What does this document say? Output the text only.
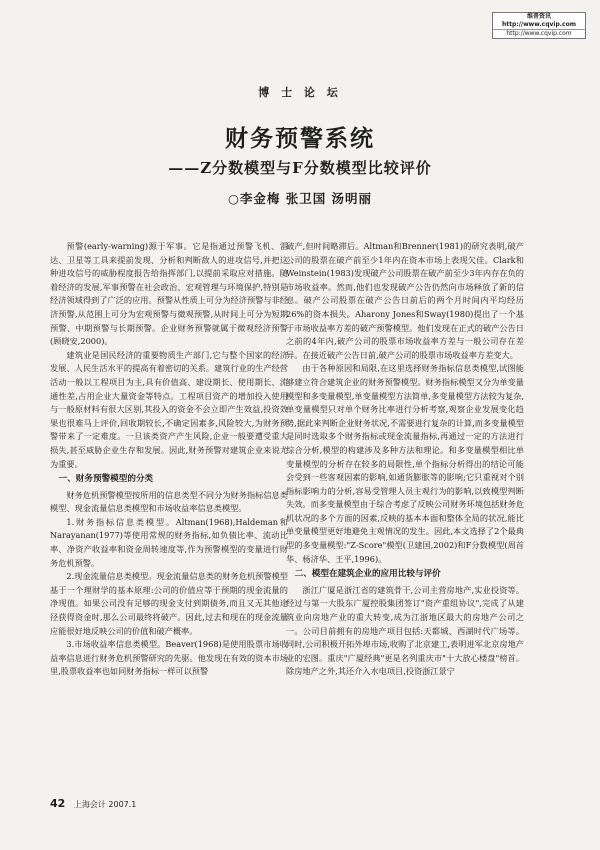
维普资讯 http://www.cqvip.com
http://www.cqvip.com
博 士 论 坛
财务预警系统
——Z分数模型与F分数模型比较评价
○李金梅 张卫国 汤明丽

预警(early-warning)源于军事。它是指通过预警飞机、雷达、卫星等工具来提前发现、分析和判断敌人的进攻信号,并把这种进攻信号的威胁程度报告给指挥部门,以提前采取应对措施。随着经济的发展,军事预警在社会政治、宏观管理与环境保护,特别是经济领域得到了广泛的应用。预警从性质上可分为经济预警与非经济预警,从范围上可分为宏观预警与微观预警,从时间上可分为短期预警、中期预警与长期预警。企业财务预警就属于微观经济预警(顾晓安,2000)。

建筑业是国民经济的重要物质生产部门,它与整个国家的经济发展、人民生活水平的提高有着密切的关系。建筑行业的生产经营活动一般以工程项目为主,具有价值高、建设期长、使用期长、流通性差,占用企业大量资金等特点。工程项目资产的增加投入使用与一般原材料有很大区别,其投入的资金不会立即产生效益,投资效果也很难马上评价,回收期较长,不确定因素多,风险较大,为财务预警带来了一定难度。一旦该类资产产生风险,企业一般要遭受重大损失,甚至威胁企业生存和发展。因此,财务预警对建筑企业来说尤为重要。

一、财务预警模型的分类

财务危机预警模型按所用的信息类型不同分为财务指标信息类模型、现金流量信息类模型和市场收益率信息类模型。

1.财务指标信息类模型。Altman(1968),Haldeman和Narayanan(1977)等使用常规的财务指标,如负债比率、流动比率、净资产收益率和资金周转速度等,作为预警模型的变量进行财务危机预警。

2.现金流量信息类模型。现金流量信息类的财务危机预警模型基于一个理财学的基本原理:公司的价值应等于预期的现金流量的净现值。如果公司没有足够的现金支付到期债务,而且又无其他途径获得资金时,那么公司最终将破产。因此,过去和现在的现金流量应能很好地反映公司的价值和破产概率。

3.市场收益率信息类模型。Beaver(1968)是使用股票市场收益率信息进行财务危机预警研究的先驱。他发现在有效的资本市场里,股票收益率也如同财务指标一样可以预警

破产,但时间略滞后。Altman和Brenner(1981)的研究表明,破产公司的股票在破产前至少1年内在资本市场上表现欠佳。Clark和Weinstein(1983)发现破产公司股票在破产前至少3年内存在负的市场收益率。然而,他们也发现破产公告仍然向市场释放了新的信息。破产公司股票在破产公告日前后的两个月时间内平均经历26%的资本损失。Aharony Jones和Sway(1980)提出了一个基于市场收益率方差的破产预警模型。他们发现在正式的破产公告日之前的4年内,破产公司的股票市场收益率方差与一般公司存在差异。在接近破产公告日前,破产公司的股票市场收益率方差变大。

由于各种原因和局限,在这里选择财务指标信息类模型,试图能够建立符合建筑企业的财务预警模型。财务指标模型又分为单变量模型和多变量模型,单变量模型方法简单,多变量模型方法较为复杂,单变量模型只对单个财务比率进行分析考察,观察企业发展变化趋势,据此来判断企业财务状况,不需要进行复杂的计算,而多变量模型是同时选取多个财务指标或现金流量指标,再通过一定的方法进行综合分析,模型的构建涉及多种方法和理论。和多变量模型相比单变量模型的分析存在较多的局限性,单个指标分析得出的结论可能会受到一些客观因素的影响,如通货膨胀等的影响;它只重视对个别指标影响力的分析,容易受管理人员主观行为的影响,以致模型判断失效。而多变量模型由于综合考虑了反映公司财务环境包括财务危机状况的多个方面的因素,反映的基本本面和整体全局的状况,能比单变量模型更好地避免主观情况的发生。因此,本文选择了2个最典型的多变量模型:"Z-Score"模型(卫建国,2002)和F分数模型(周首华、杨济华、王平,1996)。

二、模型在建筑企业的应用比较与评价

浙江广厦是浙江省的建筑骨干,公司主营房地产,实业投资等。经过与第一大股东广厦控股集团签订"资产重组协议",完成了从建筑业向房地产业的重大转变,成为江浙地区最大的房地产公司之一。公司目前拥有的房地产项目包括:天都城、西湖时代广场等。同时,公司积极开拓外埠市场,收购了北京建工,表明进军北京房地产业的宏图。重庆"广厦经典"更是名列重庆市"十大放心楼盘"榜首。除房地产之外,其还介入水电项目,投资浙江景宁

42 上海会计 2007.1
